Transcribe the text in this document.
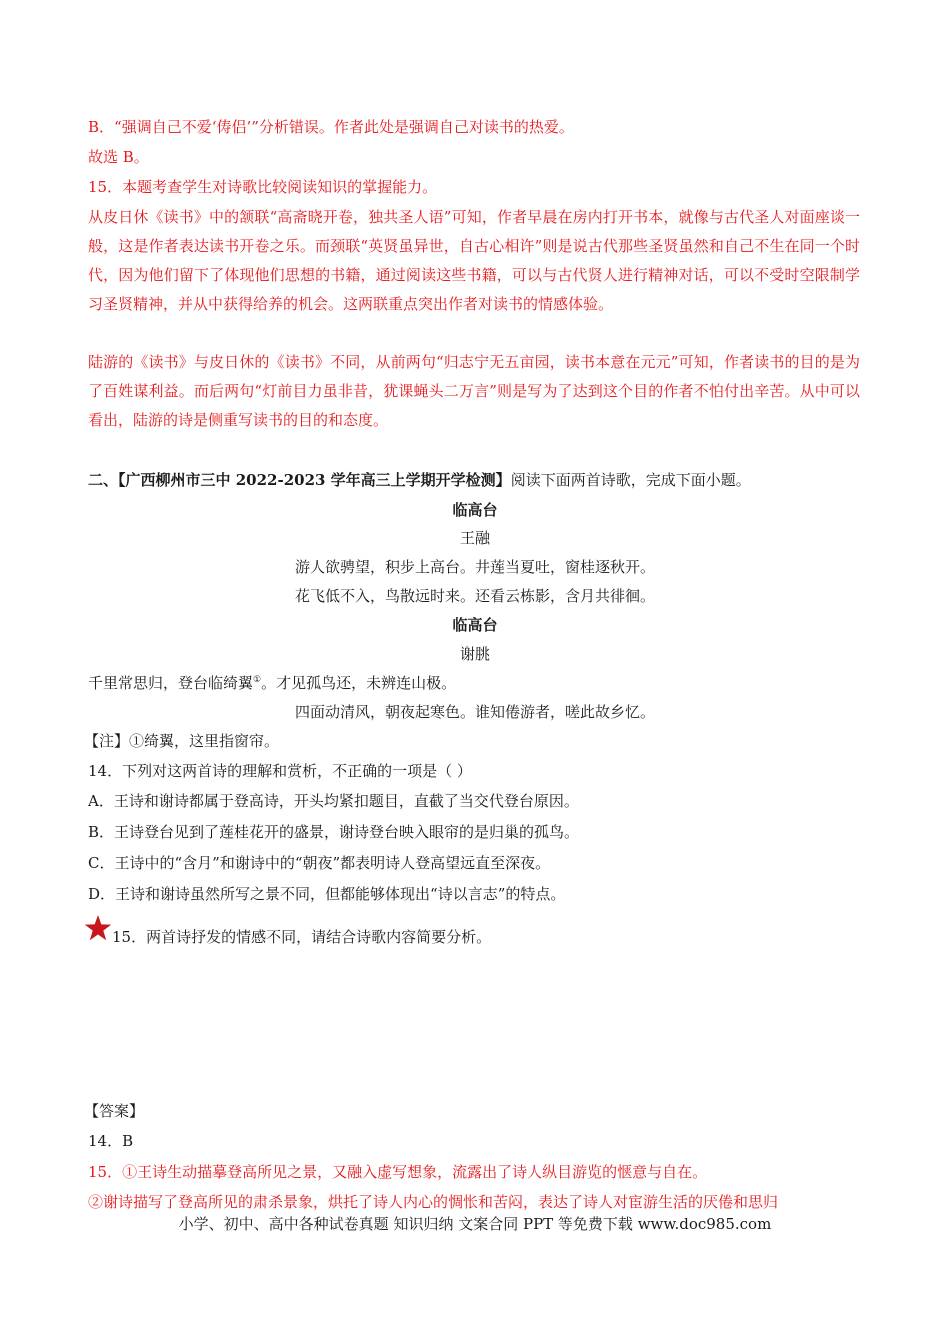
B．“强调自己不爱‘俦侣’”分析错误。作者此处是强调自己对读书的热爱。
故选 B。
15．本题考查学生对诗歌比较阅读知识的掌握能力。
从皮日休《读书》中的颔联“高斋晓开卷，独共圣人语”可知，作者早晨在房内打开书本，就像与古代圣人对面座谈一般，这是作者表达读书开卷之乐。而颈联“英贤虽异世，自古心相许”则是说古代那些圣贤虽然和自己不生在同一个时代，因为他们留下了体现他们思想的书籍，通过阅读这些书籍，可以与古代贤人进行精神对话，可以不受时空限制学习圣贤精神，并从中获得给养的机会。这两联重点突出作者对读书的情感体验。
陆游的《读书》与皮日休的《读书》不同，从前两句“归志宁无五亩园，读书本意在元元”可知，作者读书的目的是为了百姓谋利益。而后两句“灯前目力虽非昔，犹课蝇头二万言”则是写为了达到这个目的作者不怕付出辛苦。从中可以看出，陆游的诗是侧重写读书的目的和态度。
二、【广西柳州市三中 2022-2023 学年高三上学期开学检测】阅读下面两首诗歌，完成下面小题。
临高台
王融
游人欲骋望，积步上高台。井莲当夏吐，窗桂逐秋开。
花飞低不入，鸟散远时来。还看云栋影，含月共徘徊。
临高台
谢朓
千里常思归，登台临绮翼①。才见孤鸟还，未辨连山极。
四面动清风，朝夜起寒色。谁知倦游者，嗟此故乡忆。
【注】①绮翼，这里指窗帘。
14．下列对这两首诗的理解和赏析，不正确的一项是（ ）
A．王诗和谢诗都属于登高诗，开头均紧扣题目，直截了当交代登台原因。
B．王诗登台见到了莲桂花开的盛景，谢诗登台映入眼帘的是归巢的孤鸟。
C．王诗中的“含月”和谢诗中的“朝夜”都表明诗人登高望远直至深夜。
D．王诗和谢诗虽然所写之景不同，但都能够体现出“诗以言志”的特点。
15．两首诗抒发的情感不同，请结合诗歌内容简要分析。
【答案】
14．B
15．①王诗生动描摹登高所见之景，又融入虚写想象，流露出了诗人纵目游览的惬意与自在。
②谢诗描写了登高所见的肃杀景象，烘托了诗人内心的惆怅和苦闷，表达了诗人对宦游生活的厌倦和思归
小学、初中、高中各种试卷真题 知识归纳 文案合同 PPT 等免费下载 www.doc985.com
